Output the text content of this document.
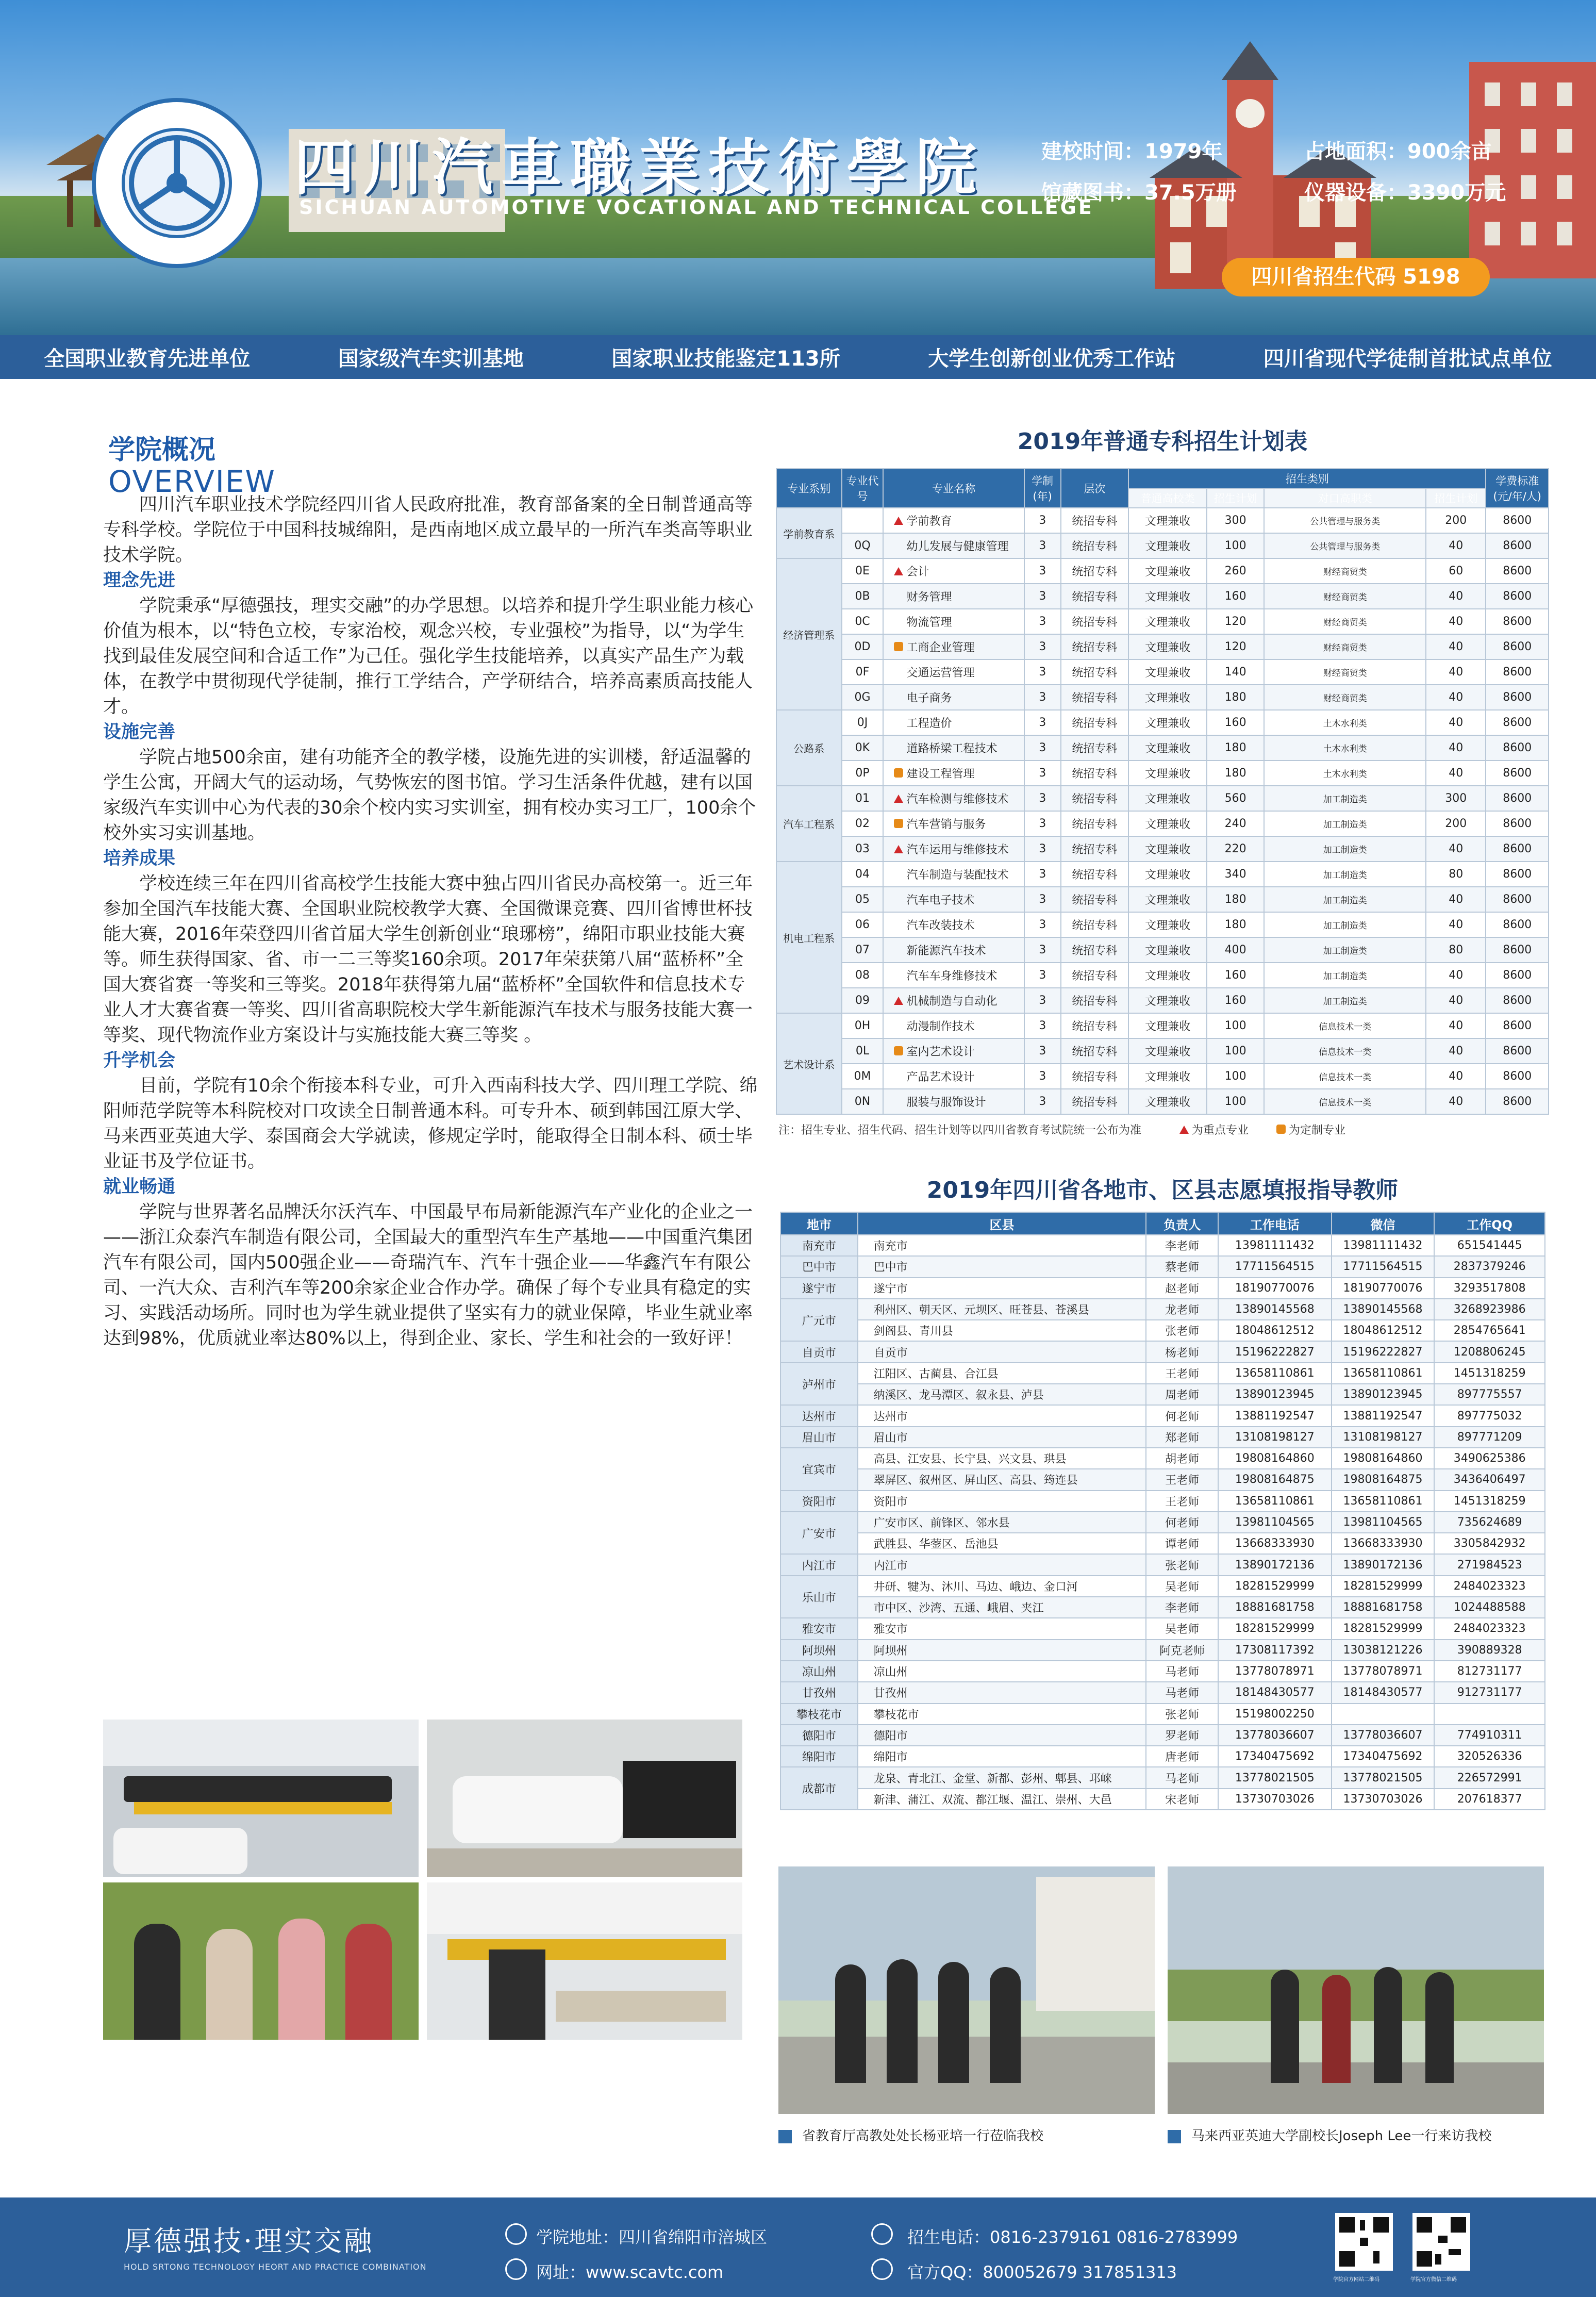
四川汽車職業技術學院
SICHUAN AUTOMOTIVE VOCATIONAL AND TECHNICAL COLLEGE
建校时间：1979年	占地面积：900余亩
馆藏图书：37.5万册	仪器设备：3390万元
四川省招生代码 5198
全国职业教育先进单位	国家级汽车实训基地	国家职业技能鉴定113所	大学生创新创业优秀工作站	四川省现代学徒制首批试点单位
学院概况
OVERVIEW

四川汽车职业技术学院经四川省人民政府批准，教育部备案的全日制普通高等专科学校。学院位于中国科技城绵阳，是西南地区成立最早的一所汽车类高等职业技术学院。

理念先进

学院秉承“厚德强技，理实交融”的办学思想。以培养和提升学生职业能力核心价值为根本，以“特色立校，专家治校，观念兴校，专业强校”为指导，以“为学生找到最佳发展空间和合适工作”为己任。强化学生技能培养，以真实产品生产为载体，在教学中贯彻现代学徒制，推行工学结合，产学研结合，培养高素质高技能人才。

设施完善

学院占地500余亩，建有功能齐全的教学楼，设施先进的实训楼，舒适温馨的学生公寓，开阔大气的运动场，气势恢宏的图书馆。学习生活条件优越，建有以国家级汽车实训中心为代表的30余个校内实习实训室，拥有校办实习工厂，100余个校外实习实训基地。

培养成果

学校连续三年在四川省高校学生技能大赛中独占四川省民办高校第一。近三年参加全国汽车技能大赛、全国职业院校教学大赛、全国微课竞赛、四川省博世杯技能大赛，2016年荣登四川省首届大学生创新创业“琅琊榜”，绵阳市职业技能大赛等。师生获得国家、省、市一二三等奖160余项。2017年荣获第八届“蓝桥杯”全国大赛省赛一等奖和三等奖。2018年获得第九届“蓝桥杯”全国软件和信息技术专业人才大赛省赛一等奖、四川省高职院校大学生新能源汽车技术与服务技能大赛一等奖、现代物流作业方案设计与实施技能大赛三等奖 。

升学机会

目前，学院有10余个衔接本科专业，可升入西南科技大学、四川理工学院、绵阳师范学院等本科院校对口攻读全日制普通本科。可专升本、硕到韩国江原大学、马来西亚英迪大学、泰国商会大学就读，修规定学时，能取得全日制本科、硕士毕业证书及学位证书。

就业畅通

学院与世界著名品牌沃尔沃汽车、中国最早布局新能源汽车产业化的企业之一——浙江众泰汽车制造有限公司，全国最大的重型汽车生产基地——中国重汽集团汽车有限公司，国内500强企业——奇瑞汽车、汽车十强企业——华鑫汽车有限公司、一汽大众、吉利汽车等200余家企业合作办学。确保了每个专业具有稳定的实习、实践活动场所。同时也为学生就业提供了坚实有力的就业保障，毕业生就业率达到98%，优质就业率达80%以上，得到企业、家长、学生和社会的一致好评！

2019年普通专科招生计划表
专业系别	专业代号	专业名称	学制(年)	层次	招生类别				学费标准(元/年/人)
					普通高校类	招生计划	对口高职类	招生计划	
学前教育系		学前教育	3	统招专科	文理兼收	300	公共管理与服务类	200	8600
	0Q	幼儿发展与健康管理	3	统招专科	文理兼收	100	公共管理与服务类	40	8600
经济管理系	0E	会计	3	统招专科	文理兼收	260	财经商贸类	60	8600
	0B	财务管理	3	统招专科	文理兼收	160	财经商贸类	40	8600
	0C	物流管理	3	统招专科	文理兼收	120	财经商贸类	40	8600
	0D	工商企业管理	3	统招专科	文理兼收	120	财经商贸类	40	8600
	0F	交通运营管理	3	统招专科	文理兼收	140	财经商贸类	40	8600
	0G	电子商务	3	统招专科	文理兼收	180	财经商贸类	40	8600
公路系	0J	工程造价	3	统招专科	文理兼收	160	土木水利类	40	8600
	0K	道路桥梁工程技术	3	统招专科	文理兼收	180	土木水利类	40	8600
	0P	建设工程管理	3	统招专科	文理兼收	180	土木水利类	40	8600
汽车工程系	01	汽车检测与维修技术	3	统招专科	文理兼收	560	加工制造类	300	8600
	02	汽车营销与服务	3	统招专科	文理兼收	240	加工制造类	200	8600
	03	汽车运用与维修技术	3	统招专科	文理兼收	220	加工制造类	40	8600
机电工程系	04	汽车制造与装配技术	3	统招专科	文理兼收	340	加工制造类	80	8600
	05	汽车电子技术	3	统招专科	文理兼收	180	加工制造类	40	8600
	06	汽车改装技术	3	统招专科	文理兼收	180	加工制造类	40	8600
	07	新能源汽车技术	3	统招专科	文理兼收	400	加工制造类	80	8600
	08	汽车车身维修技术	3	统招专科	文理兼收	160	加工制造类	40	8600
	09	机械制造与自动化	3	统招专科	文理兼收	160	加工制造类	40	8600
艺术设计系	0H	动漫制作技术	3	统招专科	文理兼收	100	信息技术一类	40	8600
	0L	室内艺术设计	3	统招专科	文理兼收	100	信息技术一类	40	8600
	0M	产品艺术设计	3	统招专科	文理兼收	100	信息技术一类	40	8600
	0N	服装与服饰设计	3	统招专科	文理兼收	100	信息技术一类	40	8600
注：招生专业、招生代码、招生计划等以四川省教育考试院统一公布为准	为重点专业	为定制专业
2019年四川省各地市、区县志愿填报指导教师
地市	区县	负责人	工作电话	微信	工作QQ
南充市	南充市	李老师	13981111432	13981111432	651541445
巴中市	巴中市	蔡老师	17711564515	17711564515	2837379246
遂宁市	遂宁市	赵老师	18190770076	18190770076	3293517808
广元市	利州区、朝天区、元坝区、旺苍县、苍溪县	龙老师	13890145568	13890145568	3268923986
	剑阁县、青川县	张老师	18048612512	18048612512	2854765641
自贡市	自贡市	杨老师	15196222827	15196222827	1208806245
泸州市	江阳区、古蔺县、合江县	王老师	13658110861	13658110861	1451318259
	纳溪区、龙马潭区、叙永县、泸县	周老师	13890123945	13890123945	897775557
达州市	达州市	何老师	13881192547	13881192547	897775032
眉山市	眉山市	郑老师	13108198127	13108198127	897771209
宜宾市	高县、江安县、长宁县、兴文县、珙县	胡老师	19808164860	19808164860	3490625386
	翠屏区、叙州区、屏山区、高县、筠连县	王老师	19808164875	19808164875	3436406497
资阳市	资阳市	王老师	13658110861	13658110861	1451318259
广安市	广安市区、前锋区、邻水县	何老师	13981104565	13981104565	735624689
	武胜县、华蓥区、岳池县	谭老师	13668333930	13668333930	3305842932
内江市	内江市	张老师	13890172136	13890172136	271984523
乐山市	井研、犍为、沐川、马边、峨边、金口河	吴老师	18281529999	18281529999	2484023323
	市中区、沙湾、五通、峨眉、夹江	李老师	18881681758	18881681758	1024488588
雅安市	雅安市	吴老师	18281529999	18281529999	2484023323
阿坝州	阿坝州	阿克老师	17308117392	13038121226	390889328
凉山州	凉山州	马老师	13778078971	13778078971	812731177
甘孜州	甘孜州	马老师	18148430577	18148430577	912731177
攀枝花市	攀枝花市	张老师	15198002250		
德阳市	德阳市	罗老师	13778036607	13778036607	774910311
绵阳市	绵阳市	唐老师	17340475692	17340475692	320526336
成都市	龙泉、青北江、金堂、新都、彭州、郫县、邛崃	马老师	13778021505	13778021505	226572991
	新津、蒲江、双流、都江堰、温江、崇州、大邑	宋老师	13730703026	13730703026	207618377
省教育厅高教处处长杨亚培一行莅临我校	马来西亚英迪大学副校长Joseph Lee一行来访我校
厚德强技·理实交融
HOLD SRTONG TECHNOLOGY HEORT AND PRACTICE COMBINATION
学院地址：四川省绵阳市涪城区
网址：www.scavtc.com
招生电话：0816-2379161 0816-2783999
官方QQ：800052679 317851313	学院官方网站二维码	学院官方微信二维码
